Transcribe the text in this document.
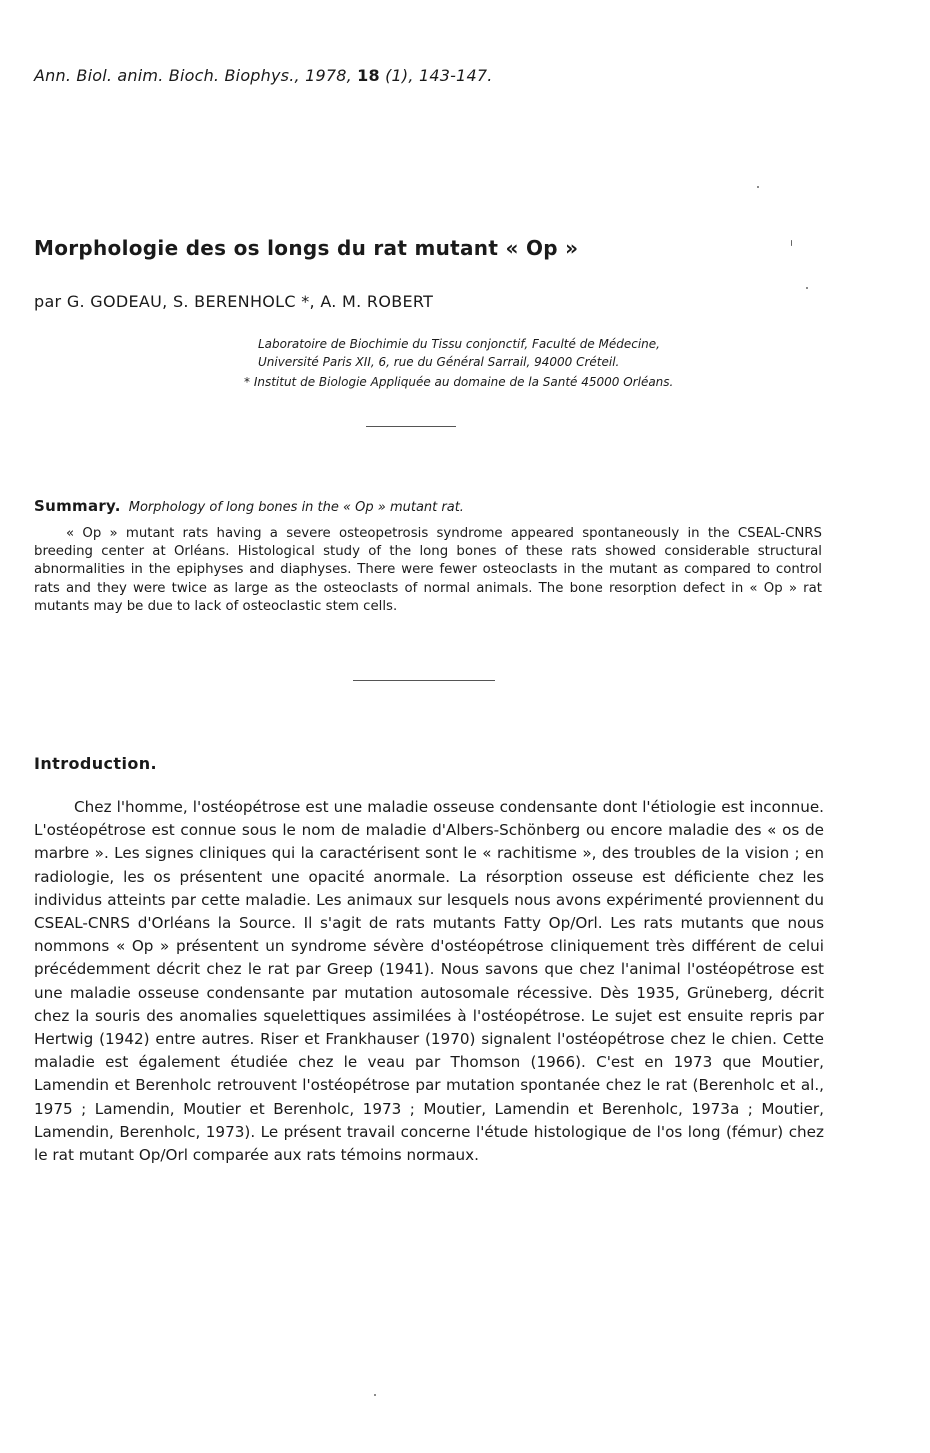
Ann. Biol. anim. Bioch. Biophys., 1978, 18 (1), 143-147.
Morphologie des os longs du rat mutant « Op »
par G. GODEAU, S. BERENHOLC *, A. M. ROBERT
Laboratoire de Biochimie du Tissu conjonctif, Faculté de Médecine,
Université Paris XII, 6, rue du Général Sarrail, 94000 Créteil.
* Institut de Biologie Appliquée au domaine de la Santé 45000 Orléans.
Summary. Morphology of long bones in the « Op » mutant rat.

« Op » mutant rats having a severe osteopetrosis syndrome appeared spontaneously in the CSEAL-CNRS breeding center at Orléans. Histological study of the long bones of these rats showed considerable structural abnormalities in the epiphyses and diaphyses. There were fewer osteoclasts in the mutant as compared to control rats and they were twice as large as the osteoclasts of normal animals. The bone resorption defect in « Op » rat mutants may be due to lack of osteoclastic stem cells.

Introduction.

Chez l'homme, l'ostéopétrose est une maladie osseuse condensante dont l'étiologie est inconnue. L'ostéopétrose est connue sous le nom de maladie d'Albers-Schönberg ou encore maladie des « os de marbre ». Les signes cliniques qui la caractérisent sont le « rachitisme », des troubles de la vision ; en radiologie, les os présentent une opacité anormale. La résorption osseuse est déficiente chez les individus atteints par cette maladie. Les animaux sur lesquels nous avons expérimenté proviennent du CSEAL-CNRS d'Orléans la Source. Il s'agit de rats mutants Fatty Op/Orl. Les rats mutants que nous nommons « Op » présentent un syndrome sévère d'ostéopétrose cliniquement très différent de celui précédemment décrit chez le rat par Greep (1941). Nous savons que chez l'animal l'ostéopétrose est une maladie osseuse condensante par mutation autosomale récessive. Dès 1935, Grüneberg, décrit chez la souris des anomalies squelettiques assimilées à l'ostéopétrose. Le sujet est ensuite repris par Hertwig (1942) entre autres. Riser et Frankhauser (1970) signalent l'ostéopétrose chez le chien. Cette maladie est également étudiée chez le veau par Thomson (1966). C'est en 1973 que Moutier, Lamendin et Berenholc retrouvent l'ostéopétrose par mutation spontanée chez le rat (Berenholc et al., 1975 ; Lamendin, Moutier et Berenholc, 1973 ; Moutier, Lamendin et Berenholc, 1973a ; Moutier, Lamendin, Berenholc, 1973). Le présent travail concerne l'étude histologique de l'os long (fémur) chez le rat mutant Op/Orl comparée aux rats témoins normaux.
